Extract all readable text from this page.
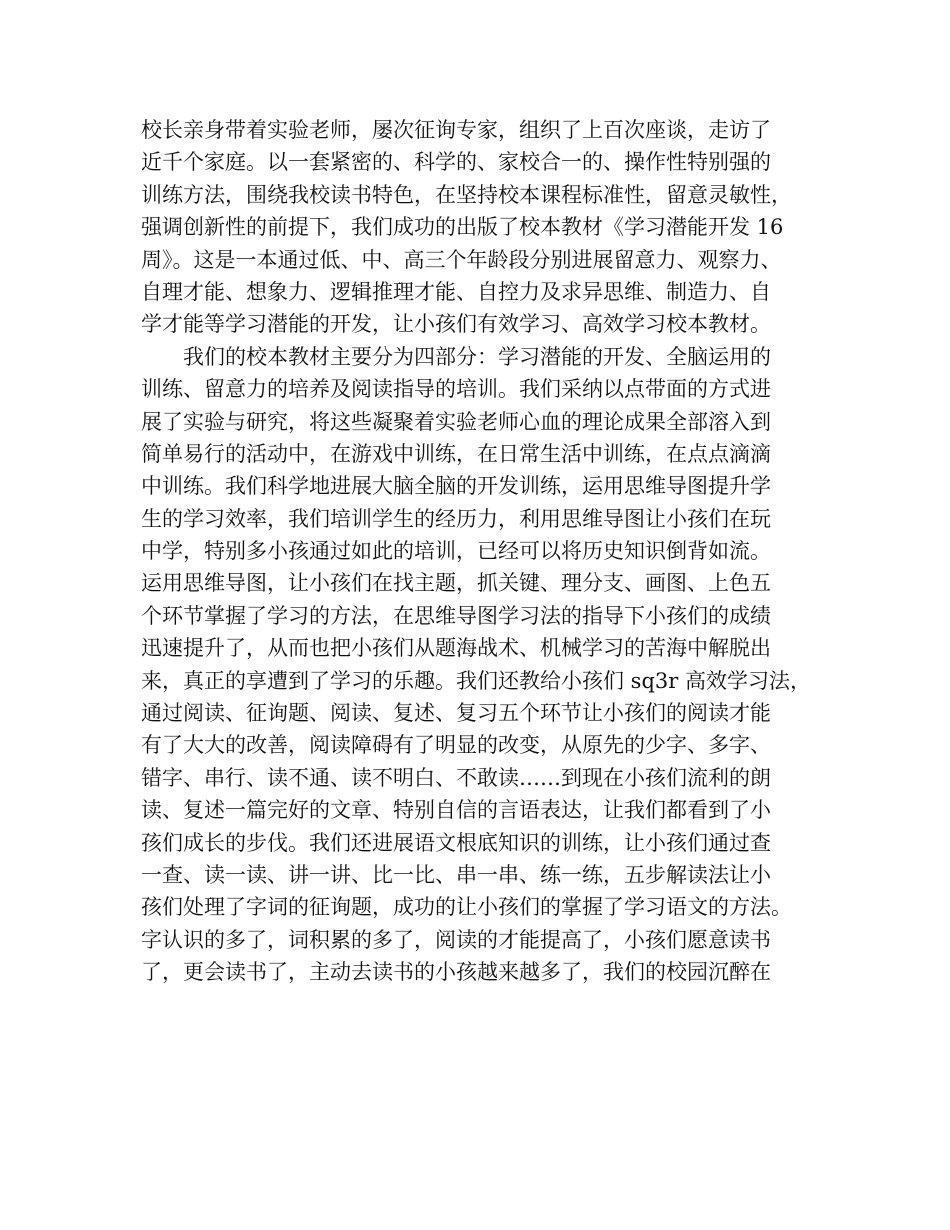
校长亲身带着实验老师，屡次征询专家，组织了上百次座谈，走访了
近千个家庭。以一套紧密的、科学的、家校合一的、操作性特别强的
训练方法，围绕我校读书特色，在坚持校本课程标准性，留意灵敏性，
强调创新性的前提下，我们成功的出版了校本教材《学习潜能开发 16
周》。这是一本通过低、中、高三个年龄段分别进展留意力、观察力、
自理才能、想象力、逻辑推理才能、自控力及求异思维、制造力、自
学才能等学习潜能的开发，让小孩们有效学习、高效学习校本教材。
我们的校本教材主要分为四部分：学习潜能的开发、全脑运用的
训练、留意力的培养及阅读指导的培训。我们采纳以点带面的方式进
展了实验与研究，将这些凝聚着实验老师心血的理论成果全部溶入到
简单易行的活动中，在游戏中训练，在日常生活中训练，在点点滴滴
中训练。我们科学地进展大脑全脑的开发训练，运用思维导图提升学
生的学习效率，我们培训学生的经历力，利用思维导图让小孩们在玩
中学，特别多小孩通过如此的培训，已经可以将历史知识倒背如流。
运用思维导图，让小孩们在找主题，抓关键、理分支、画图、上色五
个环节掌握了学习的方法，在思维导图学习法的指导下小孩们的成绩
迅速提升了，从而也把小孩们从题海战术、机械学习的苦海中解脱出
来，真正的享遭到了学习的乐趣。我们还教给小孩们 sq3r 高效学习法，
通过阅读、征询题、阅读、复述、复习五个环节让小孩们的阅读才能
有了大大的改善，阅读障碍有了明显的改变，从原先的少字、多字、
错字、串行、读不通、读不明白、不敢读……到现在小孩们流利的朗
读、复述一篇完好的文章、特别自信的言语表达，让我们都看到了小
孩们成长的步伐。我们还进展语文根底知识的训练，让小孩们通过查
一查、读一读、讲一讲、比一比、串一串、练一练，五步解读法让小
孩们处理了字词的征询题，成功的让小孩们的掌握了学习语文的方法。
字认识的多了，词积累的多了，阅读的才能提高了，小孩们愿意读书
了，更会读书了，主动去读书的小孩越来越多了，我们的校园沉醉在
